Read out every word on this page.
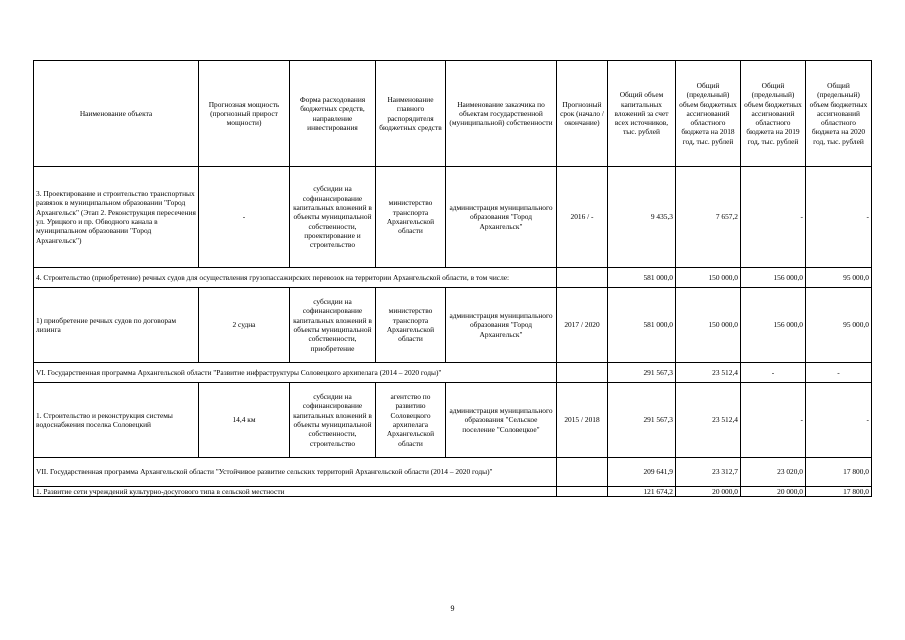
Наименование объекта	Прогнозная мощность (прогнозный прирост мощности)	Форма расходования бюджетных средств, направление инвестирования	Наименование главного распорядителя бюджетных средств	Наименование заказчика по объектам государственной (муниципальной) собственности	Прогнозный срок (начало / окончание)	Общий объем капитальных вложений за счет всех источников, тыс. рублей	Общий (предельный) объем бюджетных ассигнований областного бюджета на 2018 год, тыс. рублей	Общий (предельный) объем бюджетных ассигнований областного бюджета на 2019 год, тыс. рублей	Общий (предельный) объем бюджетных ассигнований областного бюджета на 2020 год, тыс. рублей
3. Проектирование и строительство транспортных развязок в муниципальном образовании "Город Архангельск" (Этап 2. Реконструкция пересечения ул. Урицкого и пр. Обводного канала в муниципальном образовании "Город Архангельск")	-	субсидии на софинансирование капитальных вложений в объекты муниципальной собственности, проектирование и строительство	министерство транспорта Архангельской области	администрация муниципального образования "Город Архангельск"	2016 / -	9 435,3	7 657,2	-	-
4. Строительство (приобретение) речных судов для осуществления грузопассажирских перевозок на территории Архангельской области, в том числе:						581 000,0	150 000,0	156 000,0	95 000,0
1) приобретение речных судов по договорам лизинга	2 судна	субсидии на софинансирование капитальных вложений в объекты муниципальной собственности, приобретение	министерство транспорта Архангельской области	администрация муниципального образования "Город Архангельск"	2017 / 2020	581 000,0	150 000,0	156 000,0	95 000,0
VI. Государственная программа Архангельской области "Развитие инфраструктуры Соловецкого архипелага (2014 – 2020 годы)"						291 567,3	23 512,4	-	-
1. Строительство и реконструкция системы водоснабжения поселка Соловецкий	14,4 км	субсидии на софинансирование капитальных вложений в объекты муниципальной собственности, строительство	агентство по развитию Соловецкого архипелага Архангельской области	администрация муниципального образования "Сельское поселение "Соловецкое"	2015 / 2018	291 567,3	23 512,4	-	-
VII. Государственная программа Архангельской области "Устойчивое развитие сельских территорий Архангельской области (2014 – 2020 годы)"						209 641,9	23 312,7	23 020,0	17 800,0
1. Развитие сети учреждений культурно-досугового типа в сельской местности						121 674,2	20 000,0	20 000,0	17 800,0
9
